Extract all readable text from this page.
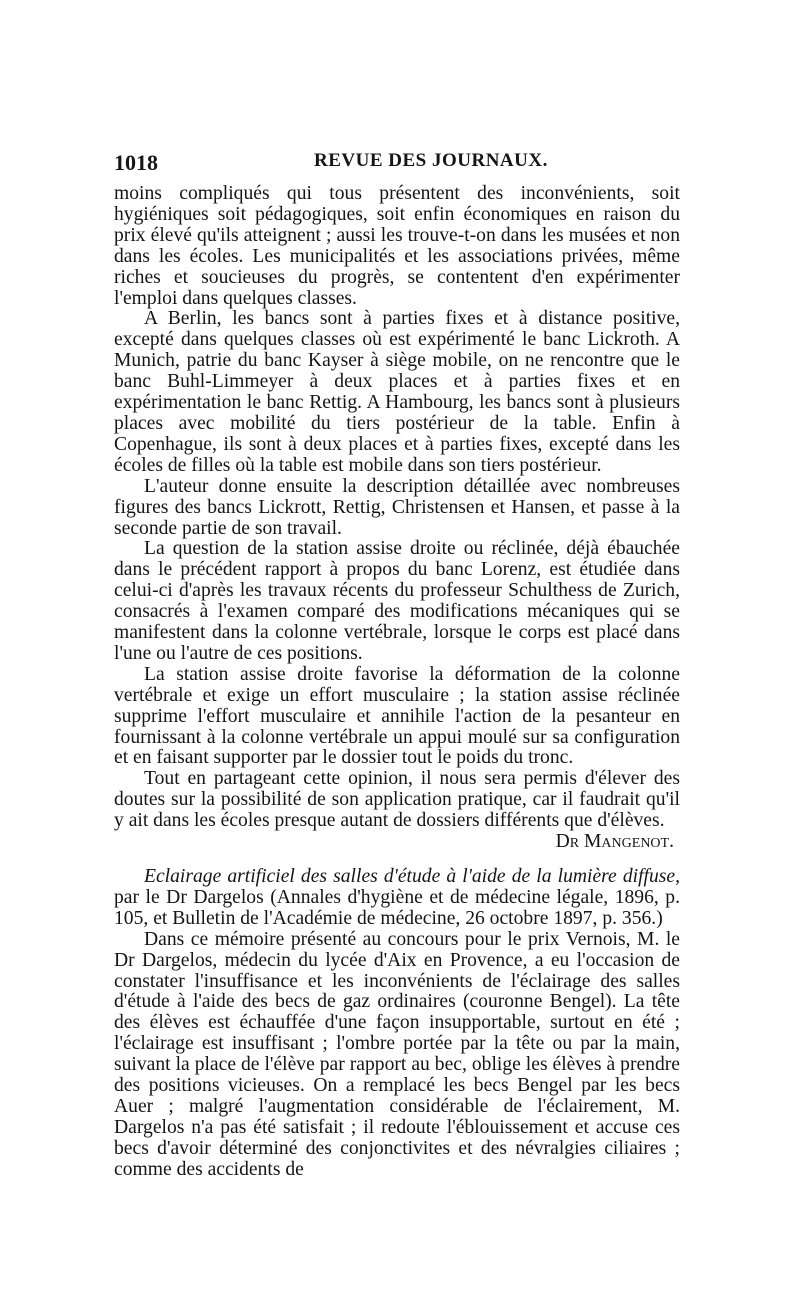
1018	REVUE DES JOURNAUX.

moins compliqués qui tous présentent des inconvénients, soit hygiéniques soit pédagogiques, soit enfin économiques en raison du prix élevé qu'ils atteignent ; aussi les trouve-t-on dans les musées et non dans les écoles. Les municipalités et les associations privées, même riches et soucieuses du progrès, se contentent d'en expérimenter l'emploi dans quelques classes.

A Berlin, les bancs sont à parties fixes et à distance positive, excepté dans quelques classes où est expérimenté le banc Lickroth. A Munich, patrie du banc Kayser à siège mobile, on ne rencontre que le banc Buhl-Limmeyer à deux places et à parties fixes et en expérimentation le banc Rettig. A Hambourg, les bancs sont à plusieurs places avec mobilité du tiers postérieur de la table. Enfin à Copenhague, ils sont à deux places et à parties fixes, excepté dans les écoles de filles où la table est mobile dans son tiers postérieur.

L'auteur donne ensuite la description détaillée avec nombreuses figures des bancs Lickrott, Rettig, Christensen et Hansen, et passe à la seconde partie de son travail.

La question de la station assise droite ou réclinée, déjà ébauchée dans le précédent rapport à propos du banc Lorenz, est étudiée dans celui-ci d'après les travaux récents du professeur Schulthess de Zurich, consacrés à l'examen comparé des modifications mécaniques qui se manifestent dans la colonne vertébrale, lorsque le corps est placé dans l'une ou l'autre de ces positions.

La station assise droite favorise la déformation de la colonne vertébrale et exige un effort musculaire ; la station assise réclinée supprime l'effort musculaire et annihile l'action de la pesanteur en fournissant à la colonne vertébrale un appui moulé sur sa configuration et en faisant supporter par le dossier tout le poids du tronc.

Tout en partageant cette opinion, il nous sera permis d'élever des doutes sur la possibilité de son application pratique, car il faudrait qu'il y ait dans les écoles presque autant de dossiers différents que d'élèves.

Dr Mangenot.

Eclairage artificiel des salles d'étude à l'aide de la lumière diffuse, par le Dr Dargelos (Annales d'hygiène et de médecine légale, 1896, p. 105, et Bulletin de l'Académie de médecine, 26 octobre 1897, p. 356.)

Dans ce mémoire présenté au concours pour le prix Vernois, M. le Dr Dargelos, médecin du lycée d'Aix en Provence, a eu l'occasion de constater l'insuffisance et les inconvénients de l'éclairage des salles d'étude à l'aide des becs de gaz ordinaires (couronne Bengel). La tête des élèves est échauffée d'une façon insupportable, surtout en été ; l'éclairage est insuffisant ; l'ombre portée par la tête ou par la main, suivant la place de l'élève par rapport au bec, oblige les élèves à prendre des positions vicieuses. On a remplacé les becs Bengel par les becs Auer ; malgré l'augmentation considérable de l'éclairement, M. Dargelos n'a pas été satisfait ; il redoute l'éblouissement et accuse ces becs d'avoir déterminé des conjonctivites et des névralgies ciliaires ; comme des accidents de
